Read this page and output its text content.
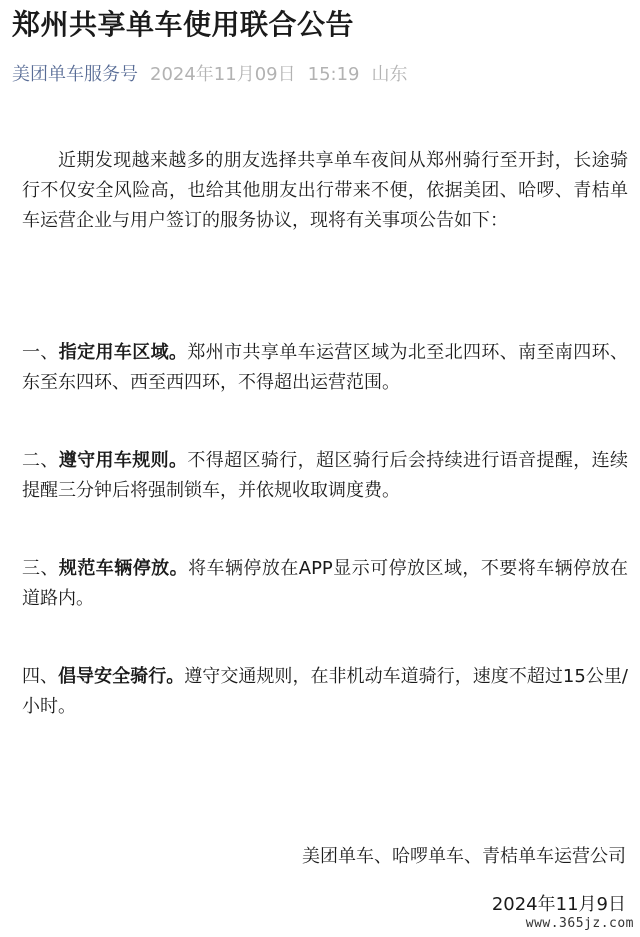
郑州共享单车使用联合公告
美团单车服务号 2024年11月09日 15:19 山东
近期发现越来越多的朋友选择共享单车夜间从郑州骑行至开封，长途骑行不仅安全风险高，也给其他朋友出行带来不便，依据美团、哈啰、青桔单车运营企业与用户签订的服务协议，现将有关事项公告如下：
一、指定用车区域。郑州市共享单车运营区域为北至北四环、南至南四环、东至东四环、西至西四环，不得超出运营范围。
二、遵守用车规则。不得超区骑行，超区骑行后会持续进行语音提醒，连续提醒三分钟后将强制锁车，并依规收取调度费。
三、规范车辆停放。将车辆停放在APP显示可停放区域，不要将车辆停放在道路内。
四、倡导安全骑行。遵守交通规则，在非机动车道骑行，速度不超过15公里/小时。
美团单车、哈啰单车、青桔单车运营公司
2024年11月9日
www.365jz.com
